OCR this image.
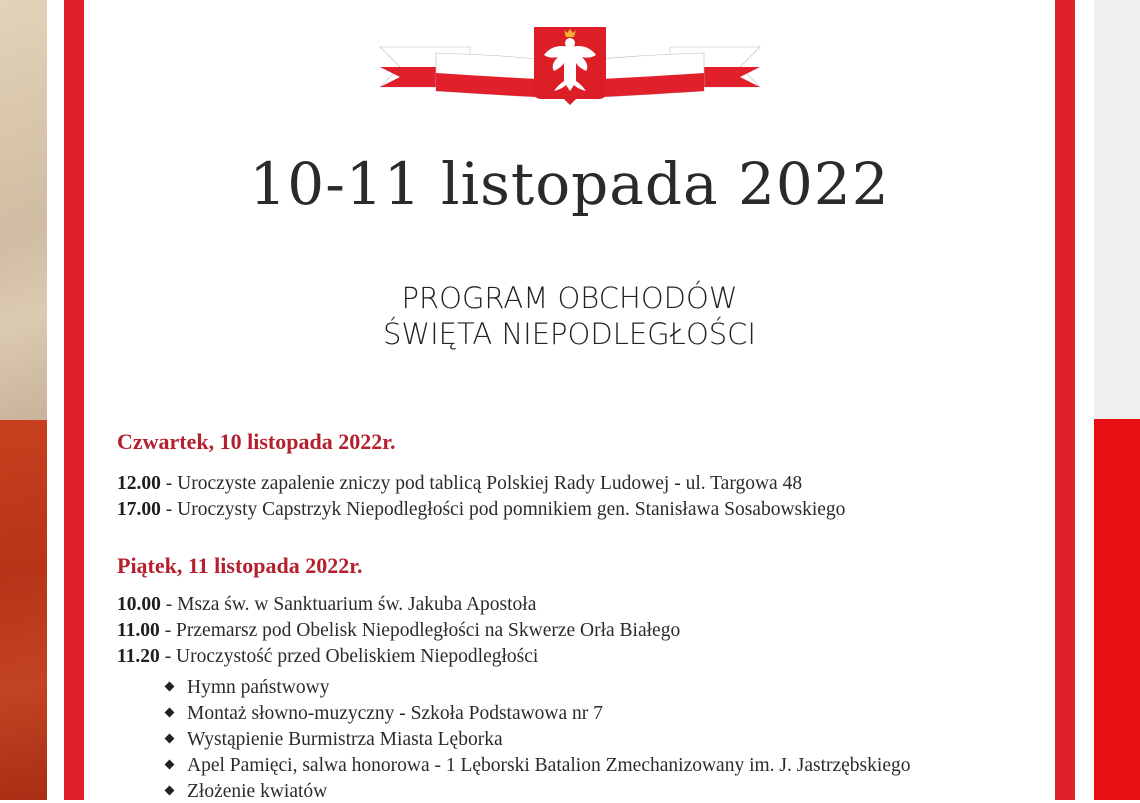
10-11 listopada 2022
PROGRAM OBCHODÓW
ŚWIĘTA NIEPODLEGŁOŚCI
Czwartek, 10 listopada 2022r.
12.00 - Uroczyste zapalenie zniczy pod tablicą Polskiej Rady Ludowej - ul. Targowa 48
17.00 - Uroczysty Capstrzyk Niepodległości pod pomnikiem gen. Stanisława Sosabowskiego
Piątek, 11 listopada 2022r.
10.00 - Msza św. w Sanktuarium św. Jakuba Apostoła
11.00 - Przemarsz pod Obelisk Niepodległości na Skwerze Orła Białego
11.20 - Uroczystość przed Obeliskiem Niepodległości
Hymn państwowy
Montaż słowno-muzyczny - Szkoła Podstawowa nr 7
Wystąpienie Burmistrza Miasta Lęborka
Apel Pamięci, salwa honorowa - 1 Lęborski Batalion Zmechanizowany im. J. Jastrzębskiego
Złożenie kwiatów
